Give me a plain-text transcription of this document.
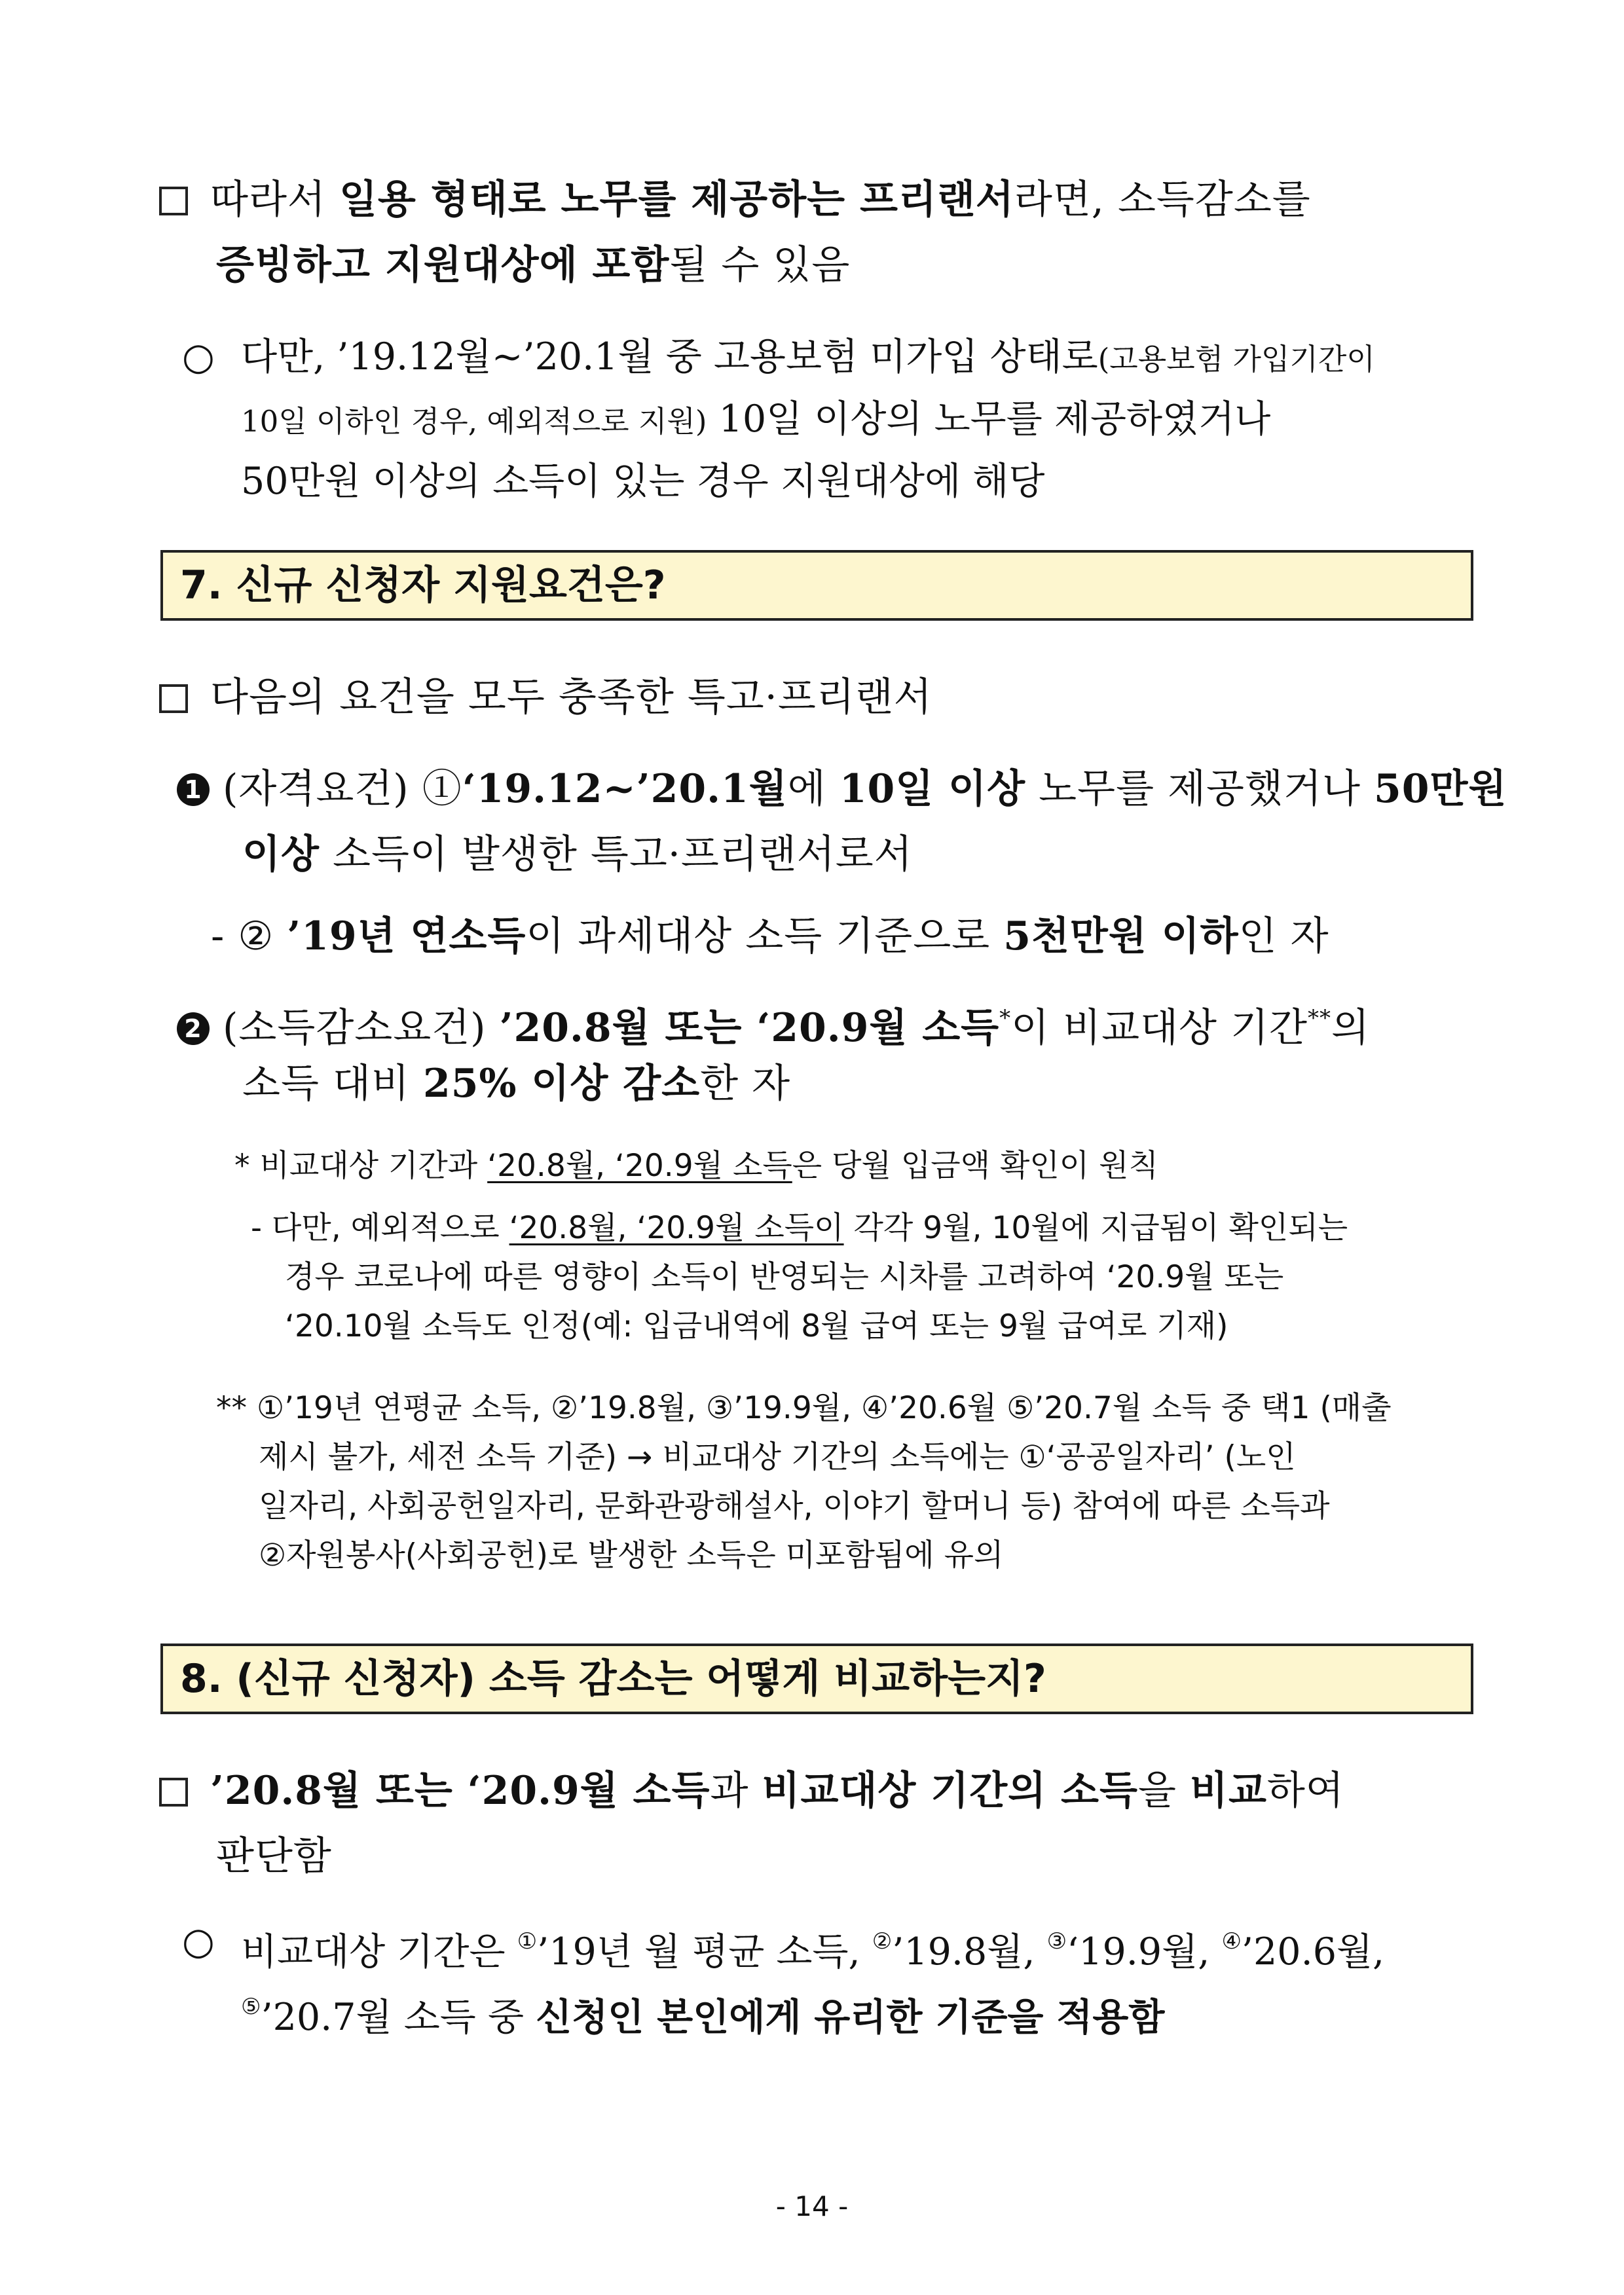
따라서 일용 형태로 노무를 제공하는 프리랜서라면, 소득감소를
증빙하고 지원대상에 포함될 수 있음
○ 다만, ’19.12월~’20.1월 중 고용보험 미가입 상태로(고용보험 가입기간이
10일 이하인 경우, 예외적으로 지원) 10일 이상의 노무를 제공하였거나
50만원 이상의 소득이 있는 경우 지원대상에 해당
7. 신규 신청자 지원요건은?
다음의 요건을 모두 충족한 특고·프리랜서
1 (자격요건) ①‘19.12~’20.1월에 10일 이상 노무를 제공했거나 50만원
이상 소득이 발생한 특고·프리랜서로서
- ② ’19년 연소득이 과세대상 소득 기준으로 5천만원 이하인 자
2 (소득감소요건) ’20.8월 또는 ‘20.9월 소득*이 비교대상 기간**의
소득 대비 25% 이상 감소한 자
* 비교대상 기간과 ‘20.8월, ‘20.9월 소득은 당월 입금액 확인이 원칙
- 다만, 예외적으로 ‘20.8월, ‘20.9월 소득이 각각 9월, 10월에 지급됨이 확인되는
경우 코로나에 따른 영향이 소득이 반영되는 시차를 고려하여 ‘20.9월 또는
‘20.10월 소득도 인정(예: 입금내역에 8월 급여 또는 9월 급여로 기재)
** ①’19년 연평균 소득, ②’19.8월, ③’19.9월, ④’20.6월 ⑤’20.7월 소득 중 택1 (매출
제시 불가, 세전 소득 기준) → 비교대상 기간의 소득에는 ①‘공공일자리’ (노인
일자리, 사회공헌일자리, 문화관광해설사, 이야기 할머니 등) 참여에 따른 소득과
②자원봉사(사회공헌)로 발생한 소득은 미포함됨에 유의
8. (신규 신청자) 소득 감소는 어떻게 비교하는지?
’20.8월 또는 ‘20.9월 소득과 비교대상 기간의 소득을 비교하여
판단함
○ 비교대상 기간은 ①’19년 월 평균 소득, ②’19.8월, ③‘19.9월, ④’20.6월,
⑤’20.7월 소득 중 신청인 본인에게 유리한 기준을 적용함
- 14 -
